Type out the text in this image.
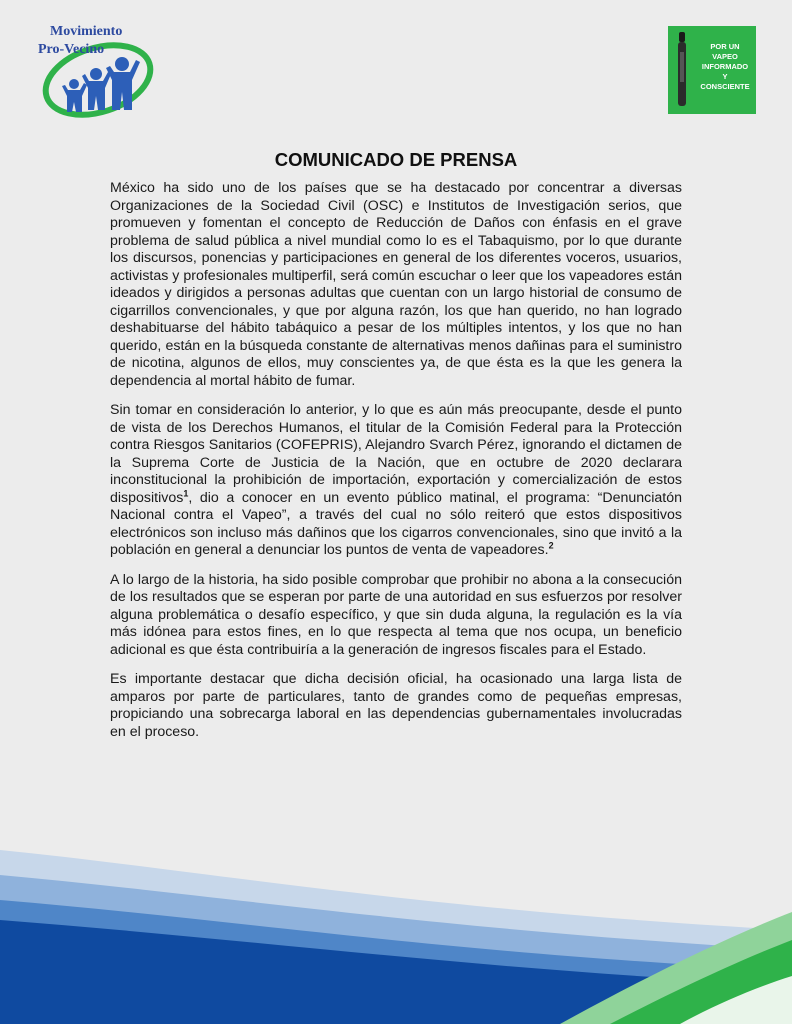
Movimiento
Pro-Vecino	POR UN
VAPEO
INFORMADO
Y
CONSCIENTE
COMUNICADO DE PRENSA

México ha sido uno de los países que se ha destacado por concentrar a diversas Organizaciones de la Sociedad Civil (OSC) e Institutos de Investigación serios, que promueven y fomentan el concepto de Reducción de Daños con énfasis en el grave problema de salud pública a nivel mundial como lo es el Tabaquismo, por lo que durante los discursos, ponencias y participaciones en general de los diferentes voceros, usuarios, activistas y profesionales multiperfil, será común escuchar o leer que los vapeadores están ideados y dirigidos a personas adultas que cuentan con un largo historial de consumo de cigarrillos convencionales, y que por alguna razón, los que han querido, no han logrado deshabituarse del hábito tabáquico a pesar de los múltiples intentos, y los que no han querido, están en la búsqueda constante de alternativas menos dañinas para el suministro de nicotina, algunos de ellos, muy conscientes ya, de que ésta es la que les genera la dependencia al mortal hábito de fumar.

Sin tomar en consideración lo anterior, y lo que es aún más preocupante, desde el punto de vista de los Derechos Humanos, el titular de la Comisión Federal para la Protección contra Riesgos Sanitarios (COFEPRIS), Alejandro Svarch Pérez, ignorando el dictamen de la Suprema Corte de Justicia de la Nación, que en octubre de 2020 declarara inconstitucional la prohibición de importación, exportación y comercialización de estos dispositivos$^1$, dio a conocer en un evento público matinal, el programa: “Denunciatón Nacional contra el Vapeo”, a través del cual no sólo reiteró que estos dispositivos electrónicos son incluso más dañinos que los cigarros convencionales, sino que invitó a la población en general a denunciar los puntos de venta de vapeadores.$^2$

A lo largo de la historia, ha sido posible comprobar que prohibir no abona a la consecución de los resultados que se esperan por parte de una autoridad en sus esfuerzos por resolver alguna problemática o desafío específico, y que sin duda alguna, la regulación es la vía más idónea para estos fines, en lo que respecta al tema que nos ocupa, un beneficio adicional es que ésta contribuiría a la generación de ingresos fiscales para el Estado.

Es importante destacar que dicha decisión oficial, ha ocasionado una larga lista de amparos por parte de particulares, tanto de grandes como de pequeñas empresas, propiciando una sobrecarga laboral en las dependencias gubernamentales involucradas en el proceso.
